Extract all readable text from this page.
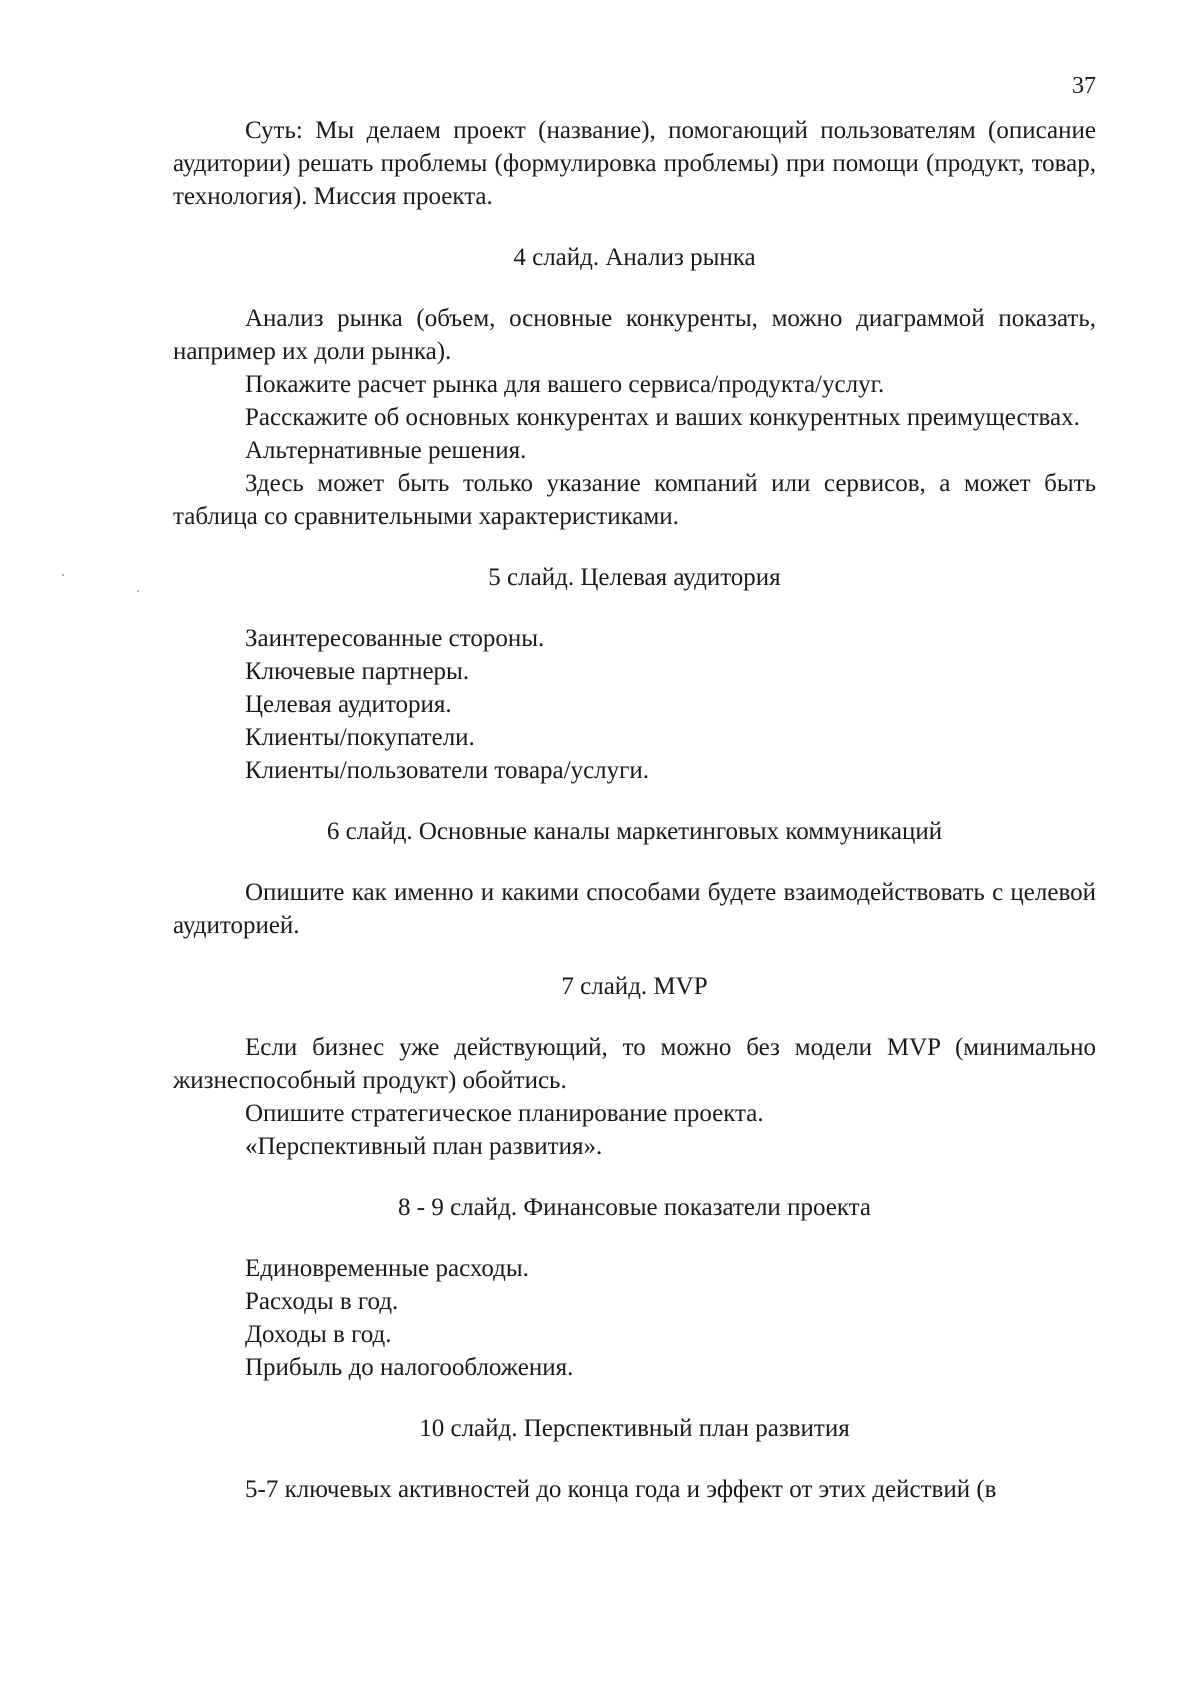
37

Суть: Мы делаем проект (название), помогающий пользователям (описание аудитории) решать проблемы (формулировка проблемы) при помощи (продукт, товар, технология). Миссия проекта.

4 слайд. Анализ рынка

Анализ рынка (объем, основные конкуренты, можно диаграммой показать, например их доли рынка).

Покажите расчет рынка для вашего сервиса/продукта/услуг.

Расскажите об основных конкурентах и ваших конкурентных преимуществах.

Альтернативные решения.

Здесь может быть только указание компаний или сервисов, а может быть таблица со сравнительными характеристиками.

5 слайд. Целевая аудитория

Заинтересованные стороны.

Ключевые партнеры.

Целевая аудитория.

Клиенты/покупатели.

Клиенты/пользователи товара/услуги.

6 слайд. Основные каналы маркетинговых коммуникаций

Опишите как именно и какими способами будете взаимодействовать с целевой аудиторией.

7 слайд. MVP

Если бизнес уже действующий, то можно без модели MVP (минимально жизнеспособный продукт) обойтись.

Опишите стратегическое планирование проекта.

«Перспективный план развития».

8 - 9 слайд. Финансовые показатели проекта

Единовременные расходы.

Расходы в год.

Доходы в год.

Прибыль до налогообложения.

10 слайд. Перспективный план развития

5-7 ключевых активностей до конца года и эффект от этих действий (в
